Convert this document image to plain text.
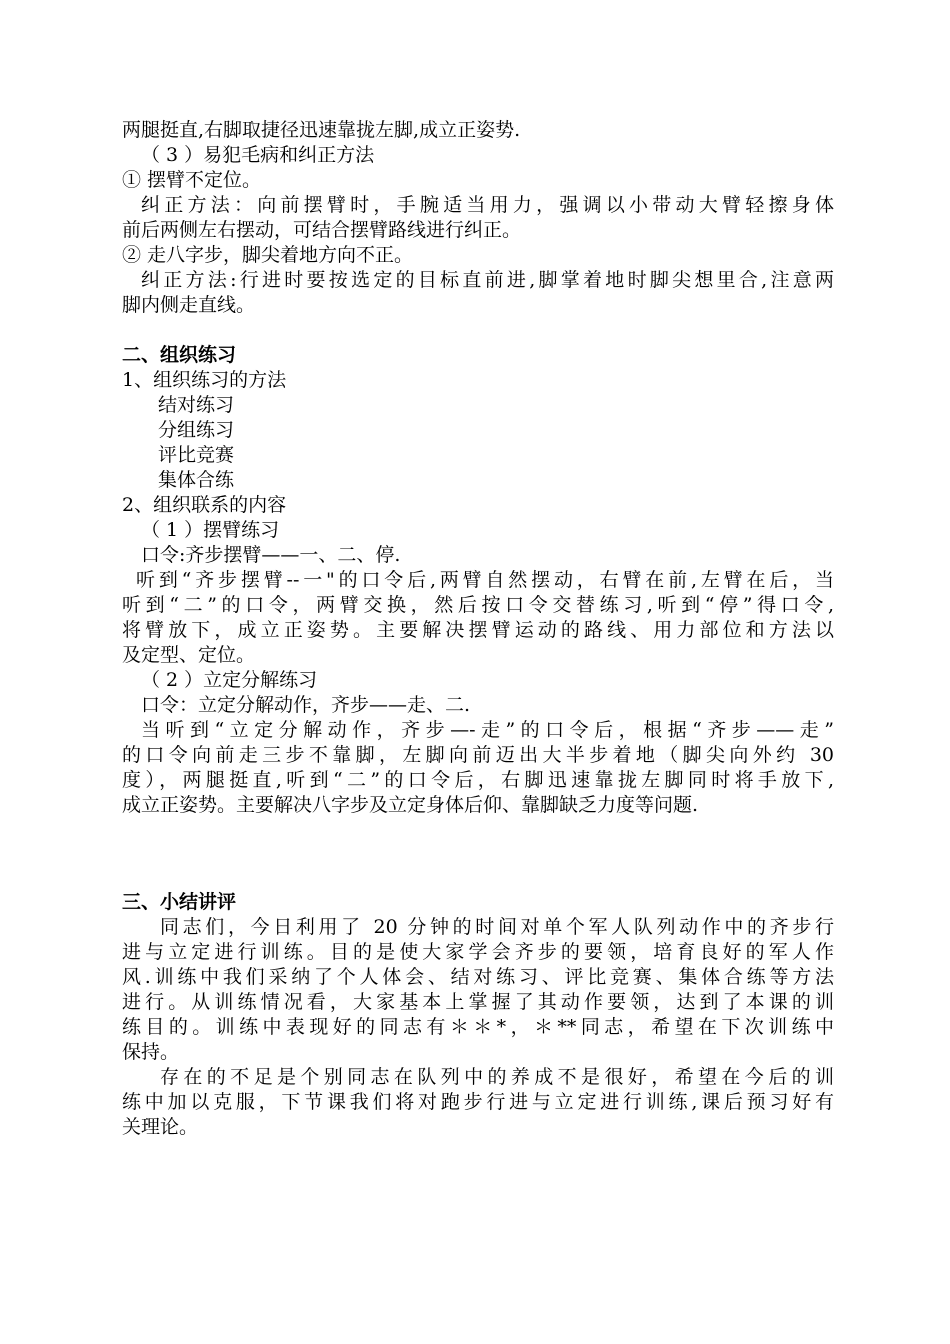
两腿挺直,右脚取捷径迅速靠拢左脚,成立正姿势.
（ 3 ）易犯毛病和纠正方法
① 摆臂不定位。
纠正方法：向前摆臂时，手腕适当用力，强调以小带动大臂轻擦身体
前后两侧左右摆动，可结合摆臂路线进行纠正。
② 走八字步，脚尖着地方向不正。
纠正方法:行进时要按选定的目标直前进,脚掌着地时脚尖想里合,注意两
脚内侧走直线。
二、组织练习
1、组织练习的方法
结对练习
分组练习
评比竞赛
集体合练
2、组织联系的内容
（ 1 ）摆臂练习
口令:齐步摆臂——一、二、停.
听到“齐步摆臂--一"的口令后,两臂自然摆动，右臂在前,左臂在后，当
听到“二”的口令，两臂交换，然后按口令交替练习,听到“停”得口令,
将臂放下，成立正姿势。主要解决摆臂运动的路线、用力部位和方法以
及定型、定位。
（ 2 ）立定分解练习
口令：立定分解动作，齐步——走、二.
当听到“立定分解动作，齐步—-走”的口令后，根据“齐步——走”
的口令向前走三步不靠脚，左脚向前迈出大半步着地（脚尖向外约 30
度），两腿挺直,听到“二”的口令后，右脚迅速靠拢左脚同时将手放下,
成立正姿势。主要解决八字步及立定身体后仰、靠脚缺乏力度等问题.
三、小结讲评
同志们，今日利用了 20 分钟的时间对单个军人队列动作中的齐步行
进与立定进行训练。目的是使大家学会齐步的要领，培育良好的军人作
风.训练中我们采纳了个人体会、结对练习、评比竞赛、集体合练等方法
进行。从训练情况看，大家基本上掌握了其动作要领，达到了本课的训
练目的。训练中表现好的同志有＊＊*，＊**同志，希望在下次训练中
保持。
存在的不足是个别同志在队列中的养成不是很好，希望在今后的训
练中加以克服，下节课我们将对跑步行进与立定进行训练,课后预习好有
关理论。
